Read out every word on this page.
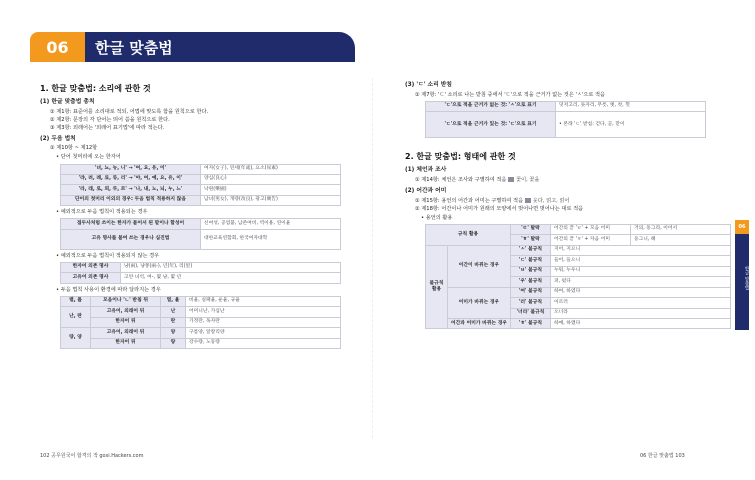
06	한글 맞춤법
1. 한글 맞춤법: 소리에 관한 것
(1) 한글 맞춤법 총칙
① 제1항: 표준어를 소리대로 적되, 어법에 맞도록 함을 원칙으로 한다.
② 제2항: 문장의 각 단어는 띄어 씀을 원칙으로 한다.
③ 제3항: 외래어는 '외래어 표기법'에 따라 적는다.
(2) 두음 법칙
① 제10항 ~ 제12항
• 단어 첫머리에 오는 한자어
'녀, 뇨, 뉴, 니' → '여, 요, 유, 이'	여자(女子), 연세(年歲), 요소(尿素)
'랴, 려, 례, 료, 류, 리' → '야, 여, 예, 요, 유, 이'	양심(良心)
'라, 래, 로, 뢰, 루, 르' → '나, 내, 노, 뇌, 누, 느'	낙원(樂園)
단어의 첫머리 이외의 경우: 두음 법칙 적용하지 않음	남녀(男女), 개량(改良), 광고(廣告)
• 예외적으로 두음 법칙이 적용되는 경우
접두사처럼 쓰이는 한자가 붙어서 된 말이나 합성어	신여성, 공염불, 남존여비, 역이용, 연이율
고유 명사를 붙여 쓰는 경우나 십진법	대한교육연합회, 한국여자대학
• 예외적으로 두음 법칙이 적용되지 않는 경우
한자어 의존 명사	냥(兩), 냥쭝(兩-), 년(年), 리(里)
고유어 의존 명사	고얀 녀석, 여-, 몇 냥, 몇 년
• 두음 법칙 사용이 환경에 따라 달라지는 경우
렬, 률	모음이나 'ㄴ' 받침 뒤	열, 율	비율, 실패율, 운율, 규율
난, 란	고유어, 외래어 뒤	난	어머니난, 가십난
	한자어 뒤	란	가정란, 독자란
량, 양	고유어, 외래어 뒤	양	구름양, 알칼리양
	한자어 뒤	량	강수량, 노동량
(3) 'ㄷ' 소리 받침
① 제7항: 'ㄷ' 소리로 나는 받침 중에서 'ㄷ'으로 적을 근거가 없는 것은 'ㅅ'으로 적음
'ㄷ'으로 적을 근거가 없는 것: 'ㅅ'으로 표기	덧저고리, 돗자리, 무릇, 옛, 첫, 헛
'ㄷ'으로 적을 근거가 있는 것: 'ㄷ'으로 표기	• 본래 'ㄷ' 받침: 걷다, 곧, 맏이
2. 한글 맞춤법: 형태에 관한 것
(1) 체언과 조사
① 제14항: 체언은 조사와 구별하여 적음 꽃이, 꽃을
(2) 어간과 어미
① 제15항: 용언의 어간과 어미는 구별하여 적음 웃다, 얽고, 얽어
② 제18항: 어간이나 어미가 원래의 모양에서 벗어나면 벗어나는 대로 적음
• 용언의 활용
규칙 활용		'ㄹ' 탈락	어간의 끝 'ㄹ' + 모음 어미	거의, 동그라, 이어서
		'ㅎ' 탈락	어간의 끝 'ㅎ' + 자음 어미	둥그니, 헤
불규칙 활용	어간이 바뀌는 경우	'ㅅ' 불규칙	지어, 지으니	
		'ㄷ' 불규칙	들어, 들으니	
		'ㅂ' 불규칙	누워, 누우니	
		'우' 불규칙	퍼, 펐다	
	어미가 바뀌는 경우	'여' 불규칙	하여, 하였다	
		'러' 불규칙	이르러	
		'너라' 불규칙	오너라	
	어간과 어미가 바뀌는 경우	'ㅎ' 불규칙	하얘, 하얬다	
한글 맞춤법
06
102 공무원국어 합격의 적 gosi.Hackers.com	06 한글 맞춤법 103
